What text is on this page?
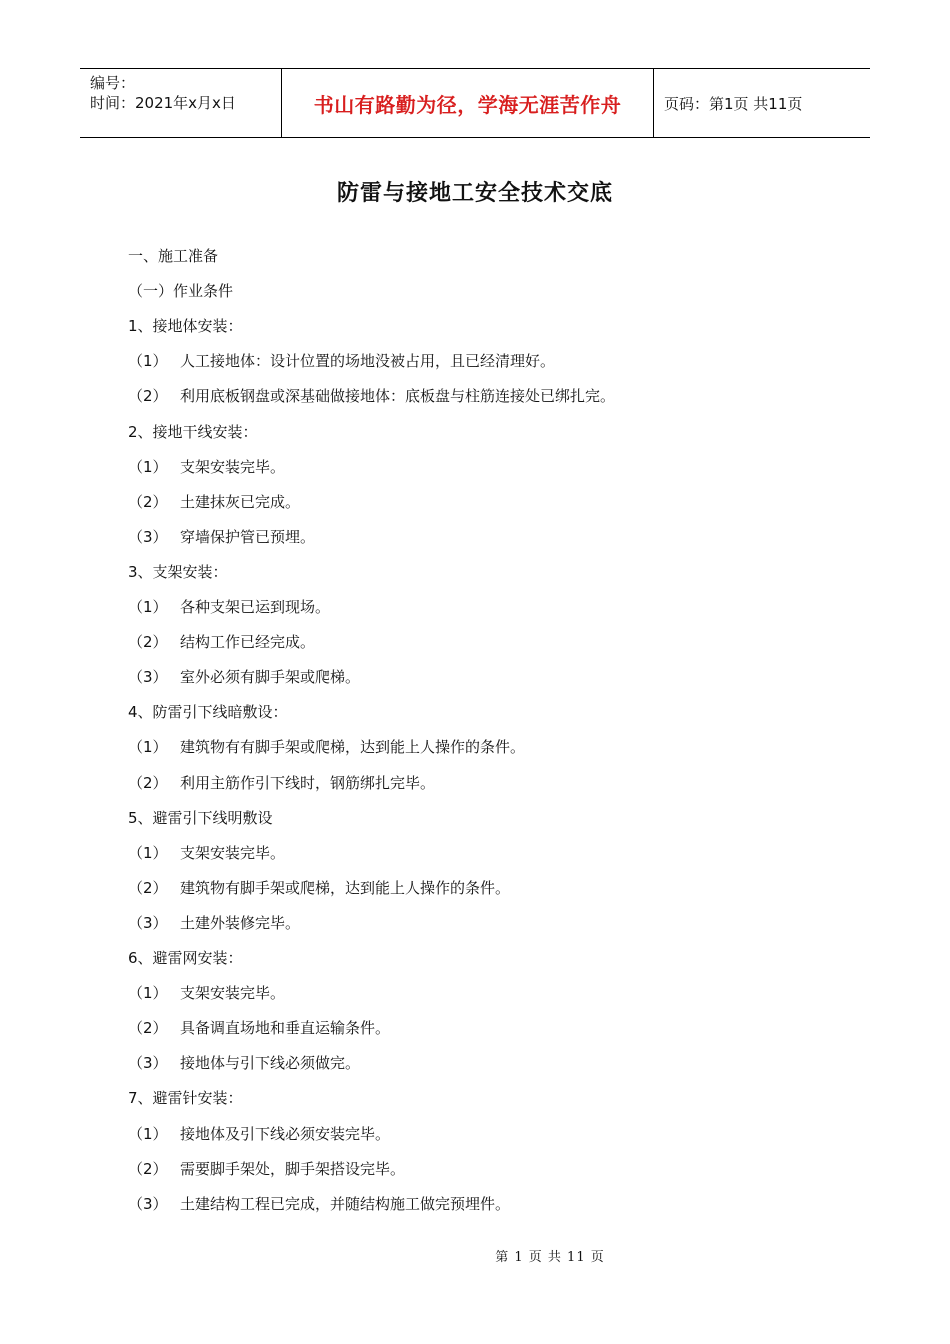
编号：
时间：2021年x月x日	书山有路勤为径，学海无涯苦作舟	页码：第1页 共11页
防雷与接地工安全技术交底
一、施工准备
（一）作业条件
1、接地体安装：
（1） 人工接地体：设计位置的场地没被占用，且已经清理好。
（2） 利用底板钢盘或深基础做接地体：底板盘与柱筋连接处已绑扎完。
2、接地干线安装：
（1） 支架安装完毕。
（2） 土建抹灰已完成。
（3） 穿墙保护管已预埋。
3、支架安装：
（1） 各种支架已运到现场。
（2） 结构工作已经完成。
（3） 室外必须有脚手架或爬梯。
4、防雷引下线暗敷设：
（1） 建筑物有有脚手架或爬梯，达到能上人操作的条件。
（2） 利用主筋作引下线时，钢筋绑扎完毕。
5、避雷引下线明敷设
（1） 支架安装完毕。
（2） 建筑物有脚手架或爬梯，达到能上人操作的条件。
（3） 土建外装修完毕。
6、避雷网安装：
（1） 支架安装完毕。
（2） 具备调直场地和垂直运输条件。
（3） 接地体与引下线必须做完。
7、避雷针安装：
（1） 接地体及引下线必须安装完毕。
（2） 需要脚手架处，脚手架搭设完毕。
（3） 土建结构工程已完成，并随结构施工做完预埋件。
第 1 页 共 11 页
